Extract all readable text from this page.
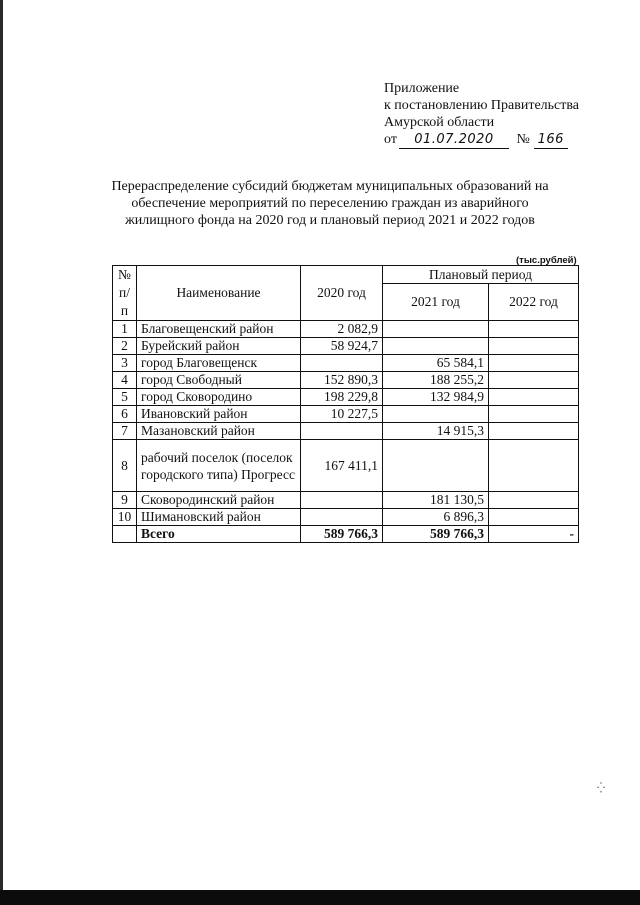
Приложение
к постановлению Правительства
Амурской области
от 01.07.2020 № 166
Перераспределение субсидий бюджетам муниципальных образований на обеспечение мероприятий по переселению граждан из аварийного жилищного фонда на 2020 год и плановый период 2021 и 2022 годов
(тыс.рублей)
№ п/ п	Наименование	2020 год	Плановый период	
			2021 год	2022 год
1	Благовещенский район	2 082,9		
2	Бурейский район	58 924,7		
3	город Благовещенск		65 584,1	
4	город Свободный	152 890,3	188 255,2	
5	город Сковородино	198 229,8	132 984,9	
6	Ивановский район	10 227,5		
7	Мазановский район		14 915,3	
8	рабочий поселок (поселок городского типа) Прогресс	167 411,1		
9	Сковородинский район		181 130,5	
10	Шимановский район		6 896,3	
	Всего	589 766,3	589 766,3	-
⁛
